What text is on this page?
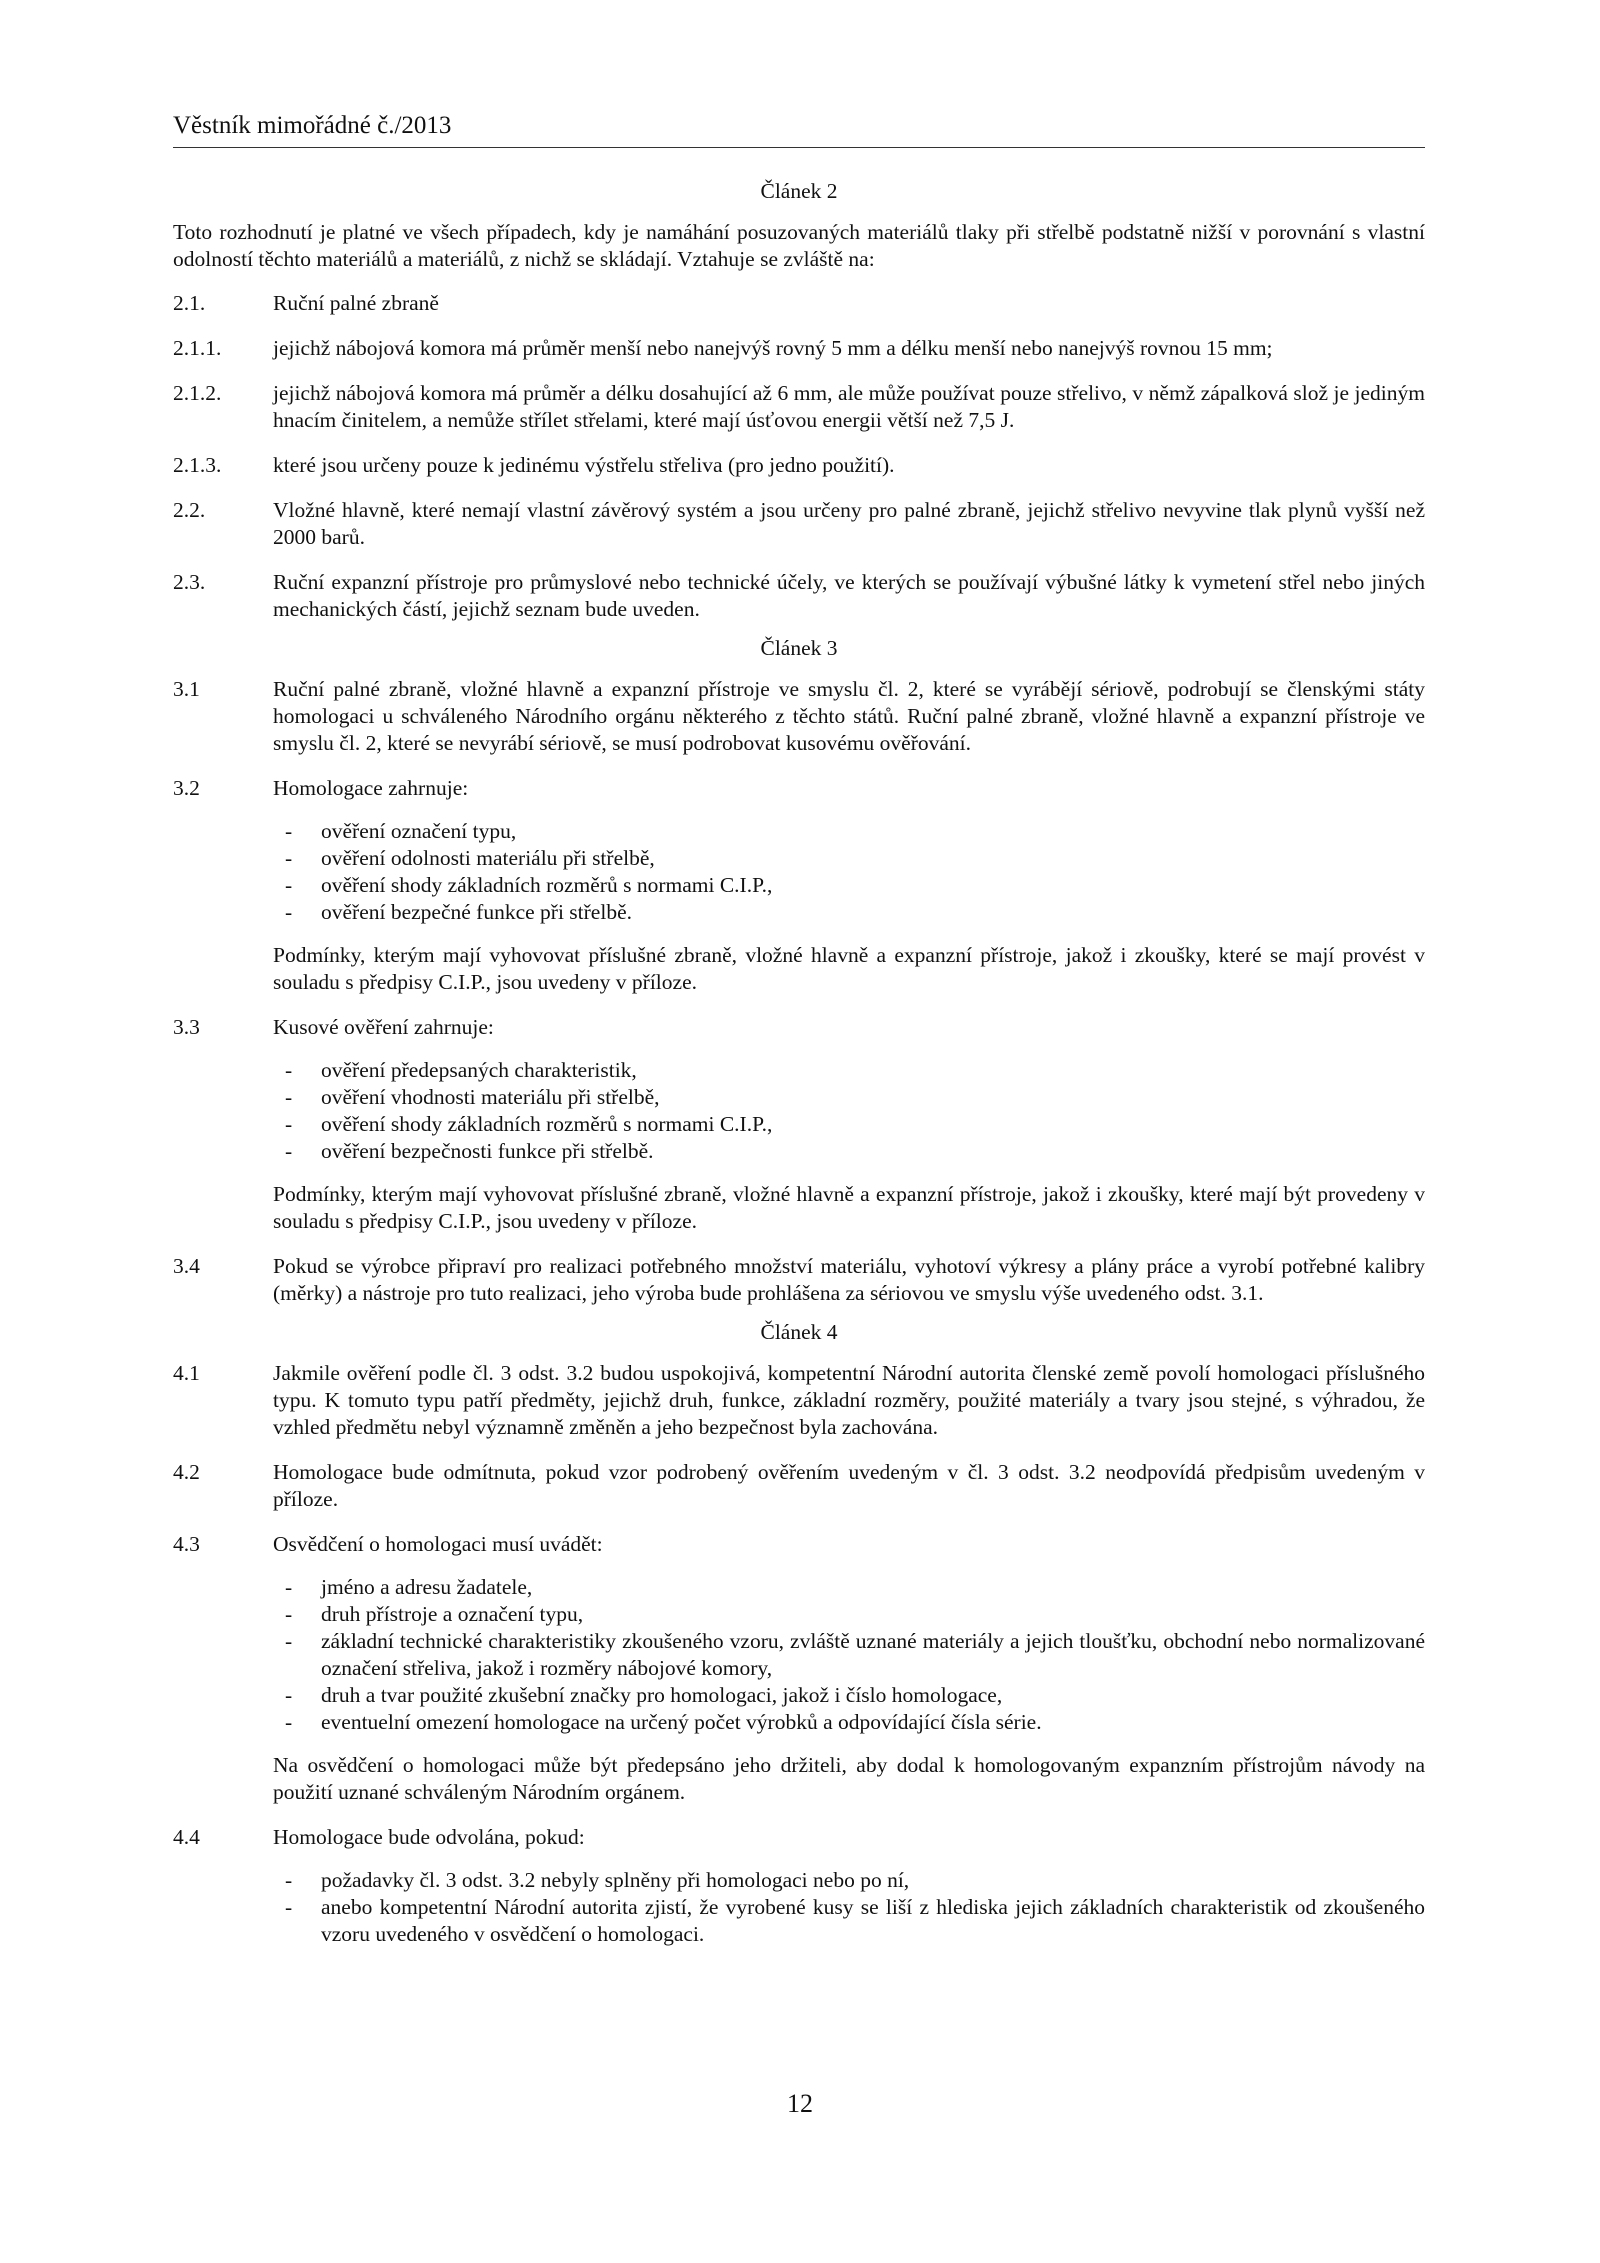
Věstník mimořádné č./2013
Článek 2
Toto rozhodnutí je platné ve všech případech, kdy je namáhání posuzovaných materiálů tlaky při střelbě podstatně nižší v porovnání s vlastní odolností těchto materiálů a materiálů, z nichž se skládají. Vztahuje se zvláště na:
2.1.	Ruční palné zbraně
2.1.1.	jejichž nábojová komora má průměr menší nebo nanejvýš rovný 5 mm a délku menší nebo nanejvýš rovnou 15 mm;
2.1.2.	jejichž nábojová komora má průměr a délku dosahující až 6 mm, ale může používat pouze střelivo, v němž zápalková slož je jediným hnacím činitelem, a nemůže střílet střelami, které mají úsťovou energii větší než 7,5 J.
2.1.3.	které jsou určeny pouze k jedinému výstřelu střeliva (pro jedno použití).
2.2.	Vložné hlavně, které nemají vlastní závěrový systém a jsou určeny pro palné zbraně, jejichž střelivo nevyvine tlak plynů vyšší než 2000 barů.
2.3.	Ruční expanzní přístroje pro průmyslové nebo technické účely, ve kterých se používají výbušné látky k vymetení střel nebo jiných mechanických částí, jejichž seznam bude uveden.
Článek 3
3.1	Ruční palné zbraně, vložné hlavně a expanzní přístroje ve smyslu čl. 2, které se vyrábějí sériově, podrobují se členskými státy homologaci u schváleného Národního orgánu některého z těchto států. Ruční palné zbraně, vložné hlavně a expanzní přístroje ve smyslu čl. 2, které se nevyrábí sériově, se musí podrobovat kusovému ověřování.
3.2	Homologace zahrnuje:

- ověření označení typu,
- ověření odolnosti materiálu při střelbě,
- ověření shody základních rozměrů s normami C.I.P.,
- ověření bezpečné funkce při střelbě.

Podmínky, kterým mají vyhovovat příslušné zbraně, vložné hlavně a expanzní přístroje, jakož i zkoušky, které se mají provést v souladu s předpisy C.I.P., jsou uvedeny v příloze.

3.3	Kusové ověření zahrnuje:

- ověření předepsaných charakteristik,
- ověření vhodnosti materiálu při střelbě,
- ověření shody základních rozměrů s normami C.I.P.,
- ověření bezpečnosti funkce při střelbě.

Podmínky, kterým mají vyhovovat příslušné zbraně, vložné hlavně a expanzní přístroje, jakož i zkoušky, které mají být provedeny v souladu s předpisy C.I.P., jsou uvedeny v příloze.

3.4	Pokud se výrobce připraví pro realizaci potřebného množství materiálu, vyhotoví výkresy a plány práce a vyrobí potřebné kalibry (měrky) a nástroje pro tuto realizaci, jeho výroba bude prohlášena za sériovou ve smyslu výše uvedeného odst. 3.1.
Článek 4
4.1	Jakmile ověření podle čl. 3 odst. 3.2 budou uspokojivá, kompetentní Národní autorita členské země povolí homologaci příslušného typu. K tomuto typu patří předměty, jejichž druh, funkce, základní rozměry, použité materiály a tvary jsou stejné, s výhradou, že vzhled předmětu nebyl významně změněn a jeho bezpečnost byla zachována.
4.2	Homologace bude odmítnuta, pokud vzor podrobený ověřením uvedeným v čl. 3 odst. 3.2 neodpovídá předpisům uvedeným v příloze.
4.3	Osvědčení o homologaci musí uvádět:

- jméno a adresu žadatele,
- druh přístroje a označení typu,
- základní technické charakteristiky zkoušeného vzoru, zvláště uznané materiály a jejich tloušťku, obchodní nebo normalizované označení střeliva, jakož i rozměry nábojové komory,
- druh a tvar použité zkušební značky pro homologaci, jakož i číslo homologace,
- eventuelní omezení homologace na určený počet výrobků a odpovídající čísla série.

Na osvědčení o homologaci může být předepsáno jeho držiteli, aby dodal k homologovaným expanzním přístrojům návody na použití uznané schváleným Národním orgánem.

4.4	Homologace bude odvolána, pokud:

- požadavky čl. 3 odst. 3.2 nebyly splněny při homologaci nebo po ní,
- anebo kompetentní Národní autorita zjistí, že vyrobené kusy se liší z hlediska jejich základních charakteristik od zkoušeného vzoru uvedeného v osvědčení o homologaci.
12
